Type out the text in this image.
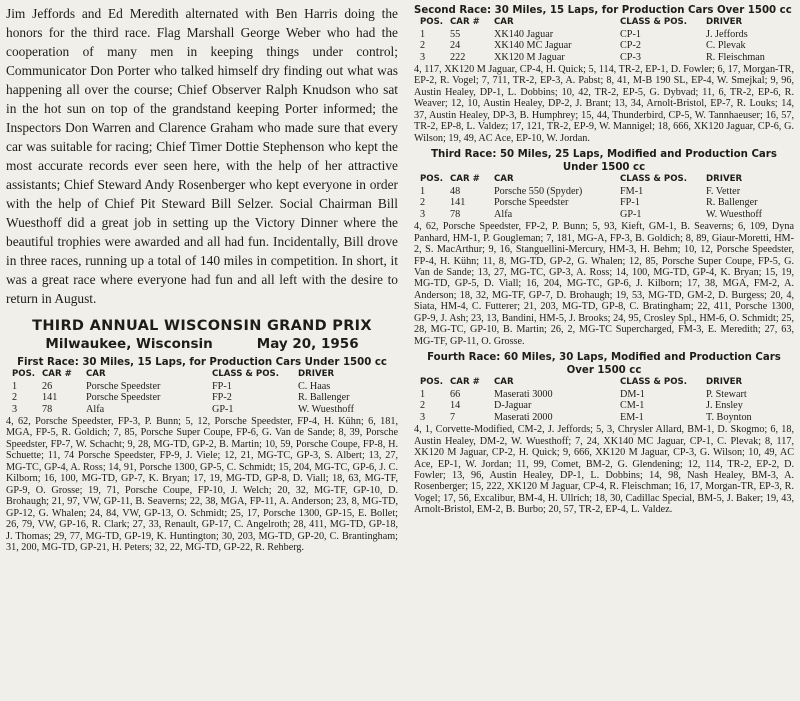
Jim Jeffords and Ed Meredith alternated with Ben Harris doing the honors for the third race. Flag Marshall George Weber who had the cooperation of many men in keeping things under control; Communicator Don Porter who talked himself dry finding out what was happening all over the course; Chief Observer Ralph Knudson who sat in the hot sun on top of the grandstand keeping Porter informed; the Inspectors Don Warren and Clarence Graham who made sure that every car was suitable for racing; Chief Timer Dottie Stephenson who kept the most accurate records ever seen here, with the help of her attractive assistants; Chief Steward Andy Rosenberger who kept everyone in order with the help of Chief Pit Steward Bill Selzer. Social Chairman Bill Wuesthoff did a great job in setting up the Victory Dinner where the beautiful trophies were awarded and all had fun. Incidentally, Bill drove in three races, running up a total of 140 miles in competition. In short, it was a great race where everyone had fun and all left with the desire to return in August.

THIRD ANNUAL WISCONSIN GRAND PRIX
Milwaukee, Wisconsin	May 20, 1956
First Race: 30 Miles, 15 Laps, for Production Cars Under 1500 cc
POS.	CAR #	CAR	CLASS & POS.	DRIVER
1	26	Porsche Speedster	FP-1	C. Haas
2	141	Porsche Speedster	FP-2	R. Ballenger
3	78	Alfa	GP-1	W. Wuesthoff

4, 62, Porsche Speedster, FP-3, P. Bunn; 5, 12, Porsche Speedster, FP-4, H. Kühn; 6, 181, MGA, FP-5, R. Goldich; 7, 85, Porsche Super Coupe, FP-6, G. Van de Sande; 8, 39, Porsche Speedster, FP-7, W. Schacht; 9, 28, MG-TD, GP-2, B. Martin; 10, 59, Porsche Coupe, FP-8, H. Schuette; 11, 74 Porsche Speedster, FP-9, J. Viele; 12, 21, MG-TC, GP-3, S. Albert; 13, 27, MG-TC, GP-4, A. Ross; 14, 91, Porsche 1300, GP-5, C. Schmidt; 15, 204, MG-TC, GP-6, J. C. Kilborn; 16, 100, MG-TD, GP-7, K. Bryan; 17, 19, MG-TD, GP-8, D. Viall; 18, 63, MG-TF, GP-9, O. Grosse; 19, 71, Porsche Coupe, FP-10, J. Welch; 20, 32, MG-TF, GP-10, D. Brohaugh; 21, 97, VW, GP-11, B. Seaverns; 22, 38, MGA, FP-11, A. Anderson; 23, 8, MG-TD, GP-12, G. Whalen; 24, 84, VW, GP-13, O. Schmidt; 25, 17, Porsche 1300, GP-15, E. Bollet; 26, 79, VW, GP-16, R. Clark; 27, 33, Renault, GP-17, C. Angelroth; 28, 411, MG-TD, GP-18, J. Thomas; 29, 77, MG-TD, GP-19, K. Huntington; 30, 203, MG-TD, GP-20, C. Brantingham; 31, 200, MG-TD, GP-21, H. Peters; 32, 22, MG-TD, GP-22, R. Rehberg.

Second Race: 30 Miles, 15 Laps, for Production Cars Over 1500 cc
POS.	CAR #	CAR	CLASS & POS.	DRIVER
1	55	XK140 Jaguar	CP-1	J. Jeffords
2	24	XK140 MC Jaguar	CP-2	C. Plevak
3	222	XK120 M Jaguar	CP-3	R. Fleischman

4, 117, XK120 M Jaguar, CP-4, H. Quick; 5, 114, TR-2, EP-1, D. Fowler; 6, 17, Morgan-TR, EP-2, R. Vogel; 7, 711, TR-2, EP-3, A. Pabst; 8, 41, M-B 190 SL, EP-4, W. Smejkal; 9, 96, Austin Healey, DP-1, L. Dobbins; 10, 42, TR-2, EP-5, G. Dybvad; 11, 6, TR-2, EP-6, R. Weaver; 12, 10, Austin Healey, DP-2, J. Brant; 13, 34, Arnolt-Bristol, EP-7, R. Louks; 14, 37, Austin Healey, DP-3, B. Humphrey; 15, 44, Thunderbird, CP-5, W. Tannhaeuser; 16, 57, TR-2, EP-8, L. Valdez; 17, 121, TR-2, EP-9, W. Mannigel; 18, 666, XK120 Jaguar, CP-6, G. Wilson; 19, 49, AC Ace, EP-10, W. Jordan.

Third Race: 50 Miles, 25 Laps, Modified and Production Cars Under 1500 cc
POS.	CAR #	CAR	CLASS & POS.	DRIVER
1	48	Porsche 550 (Spyder)	FM-1	F. Vetter
2	141	Porsche Speedster	FP-1	R. Ballenger
3	78	Alfa	GP-1	W. Wuesthoff

4, 62, Porsche Speedster, FP-2, P. Bunn; 5, 93, Kieft, GM-1, B. Seaverns; 6, 109, Dyna Panhard, HM-1, P. Gougleman; 7, 181, MG-A, FP-3, B. Goldich; 8, 89, Giaur-Moretti, HM-2, S. MacArthur; 9, 16, Stanguellini-Mercury, HM-3, H. Behm; 10, 12, Porsche Speedster, FP-4, H. Kühn; 11, 8, MG-TD, GP-2, G. Whalen; 12, 85, Porsche Super Coupe, FP-5, G. Van de Sande; 13, 27, MG-TC, GP-3, A. Ross; 14, 100, MG-TD, GP-4, K. Bryan; 15, 19, MG-TD, GP-5, D. Viall; 16, 204, MG-TC, GP-6, J. Kilborn; 17, 38, MGA, FM-2, A. Anderson; 18, 32, MG-TF, GP-7, D. Brohaugh; 19, 53, MG-TD, GM-2, D. Burgess; 20, 4, Siata, HM-4, C. Futterer; 21, 203, MG-TD, GP-8, C. Bratingham; 22, 411, Porsche 1300, GP-9, J. Ash; 23, 13, Bandini, HM-5, J. Brooks; 24, 95, Crosley Spl., HM-6, O. Schmidt; 25, 28, MG-TC, GP-10, B. Martin; 26, 2, MG-TC Supercharged, FM-3, E. Meredith; 27, 63, MG-TF, GP-11, O. Grosse.

Fourth Race: 60 Miles, 30 Laps, Modified and Production Cars Over 1500 cc
POS.	CAR #	CAR	CLASS & POS.	DRIVER
1	66	Maserati 3000	DM-1	P. Stewart
2	14	D-Jaguar	CM-1	J. Ensley
3	7	Maserati 2000	EM-1	T. Boynton

4, 1, Corvette-Modified, CM-2, J. Jeffords; 5, 3, Chrysler Allard, BM-1, D. Skogmo; 6, 18, Austin Healey, DM-2, W. Wuesthoff; 7, 24, XK140 MC Jaguar, CP-1, C. Plevak; 8, 117, XK120 M Jaguar, CP-2, H. Quick; 9, 666, XK120 M Jaguar, CP-3, G. Wilson; 10, 49, AC Ace, EP-1, W. Jordan; 11, 99, Comet, BM-2, G. Glendening; 12, 114, TR-2, EP-2, D. Fowler; 13, 96, Austin Healey, DP-1, L. Dobbins; 14, 98, Nash Healey, BM-3, A. Rosenberger; 15, 222, XK120 M Jaguar, CP-4, R. Fleischman; 16, 17, Morgan-TR, EP-3, R. Vogel; 17, 56, Excalibur, BM-4, H. Ullrich; 18, 30, Cadillac Special, BM-5, J. Baker; 19, 43, Arnolt-Bristol, EM-2, B. Burbo; 20, 57, TR-2, EP-4, L. Valdez.
